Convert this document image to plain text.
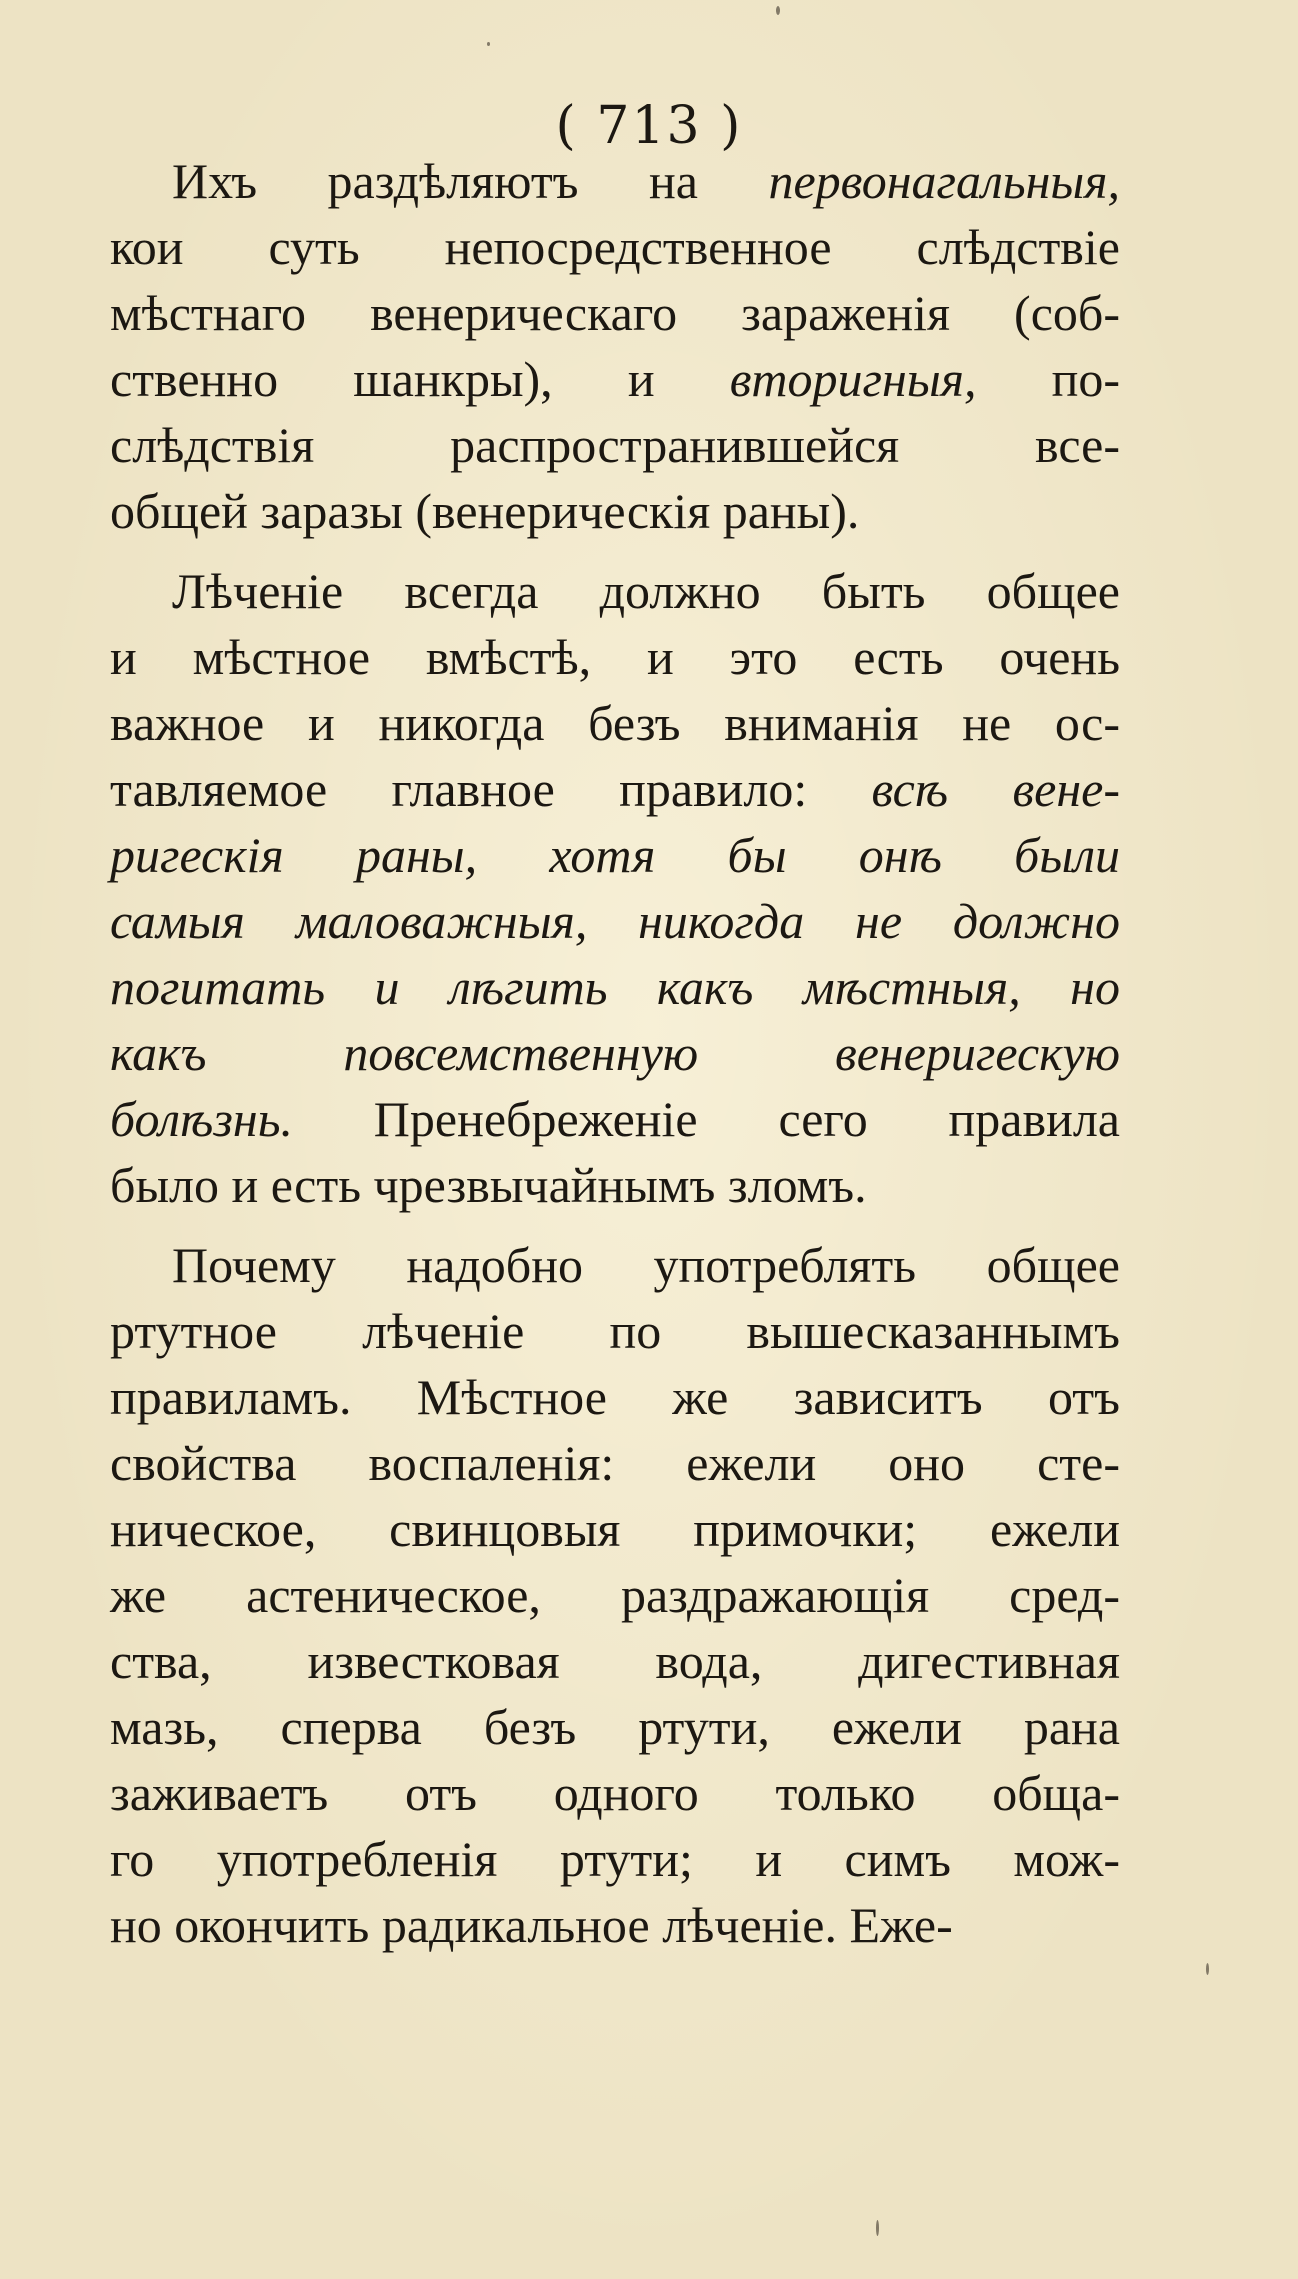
( 713 )
Ихъ раздѣляютъ на первонагальныя,
кои суть непосредственное слѣдствiе
мѣстнаго венерическаго зараженiя (соб-
ственно шанкры), и вторигныя, по-
слѣдствiя распространившейся все-
общей заразы (венерическiя раны).
Лѣченiе всегда должно быть общее
и мѣстное вмѣстѣ, и это есть очень
важное и никогда безъ вниманiя не ос-
тавляемое главное правило: всѣ вене-
ригескiя раны, хотя бы онѣ были
самыя маловажныя, никогда не должно
погитать и лѣгить какъ мѣстныя, но
какъ повсемственную венеригескую
болѣзнь. Пренебреженiе сего правила
было и есть чрезвычайнымъ зломъ.
Почему надобно употреблять общее
ртутное лѣченiе по вышесказаннымъ
правиламъ. Мѣстное же зависитъ отъ
свойства воспаленiя: ежели оно сте-
ническое, свинцовыя примочки; ежели
же астеническое, раздражающiя сред-
ства, известковая вода, дигестивная
мазь, сперва безъ ртути, ежели рана
заживаетъ отъ одного только обща-
го употребленiя ртути; и симъ мож-
но окончить радикальное лѣченiе. Еже-
